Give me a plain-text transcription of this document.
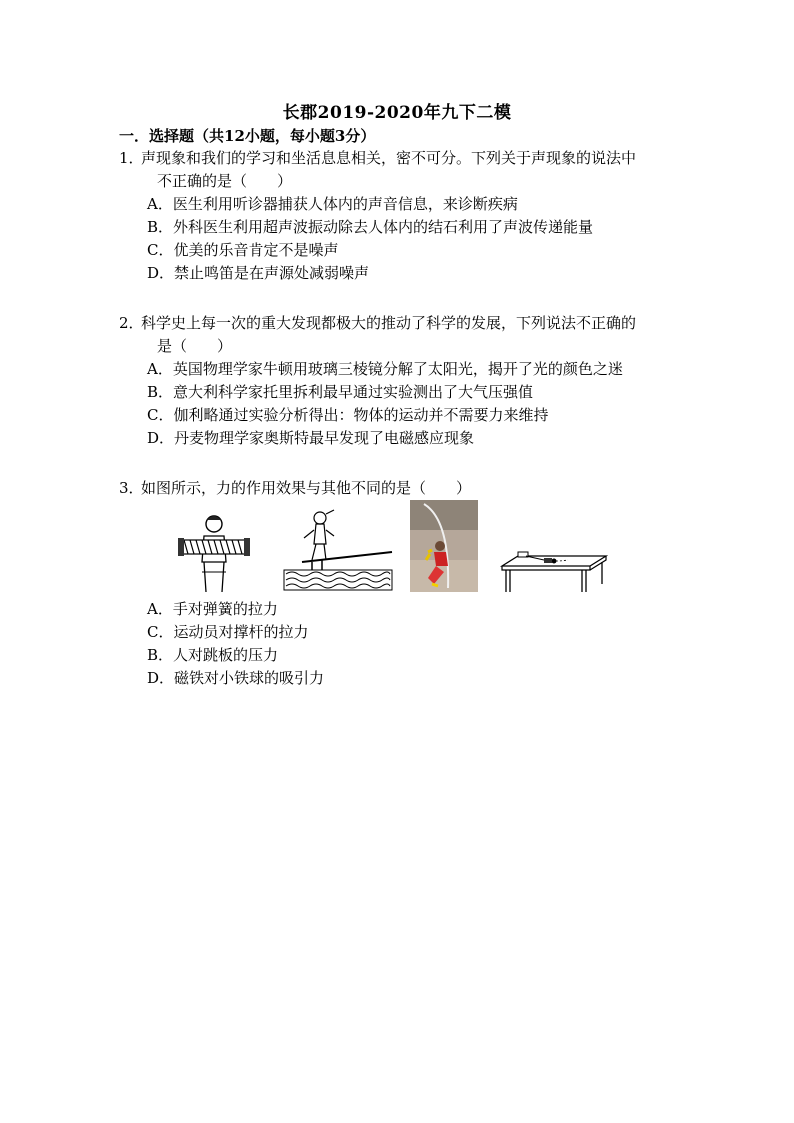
长郡2019-2020年九下二模
一．选择题（共12小题，每小题3分）
1．声现象和我们的学习和坐活息息相关，密不可分。下列关于声现象的说法中
不正确的是（　　）
A．医生利用听诊器捕获人体内的声音信息，来诊断疾病
B．外科医生利用超声波振动除去人体内的结石利用了声波传递能量
C．优美的乐音肯定不是噪声
D．禁止鸣笛是在声源处减弱噪声
2．科学史上每一次的重大发现都极大的推动了科学的发展，下列说法不正确的
是（　　）
A．英国物理学家牛顿用玻璃三棱镜分解了太阳光，揭开了光的颜色之迷
B．意大利科学家托里拆利最早通过实验测出了大气压强值
C．伽利略通过实验分析得出：物体的运动并不需要力来维持
D．丹麦物理学家奥斯特最早发现了电磁感应现象
3．如图所示，力的作用效果与其他不同的是（　　）
A．手对弹簧的拉力
C．运动员对撑杆的拉力
B．人对跳板的压力
D．磁铁对小铁球的吸引力
